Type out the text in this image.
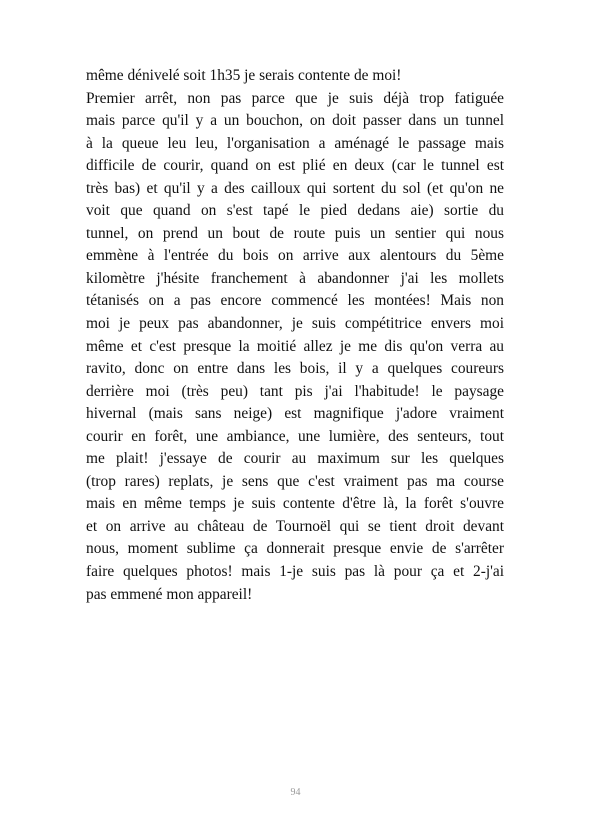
même dénivelé soit 1h35 je serais contente de moi!
Premier arrêt, non pas parce que je suis déjà trop fatiguée
mais parce qu'il y a un bouchon, on doit passer dans un tunnel
à la queue leu leu, l'organisation a aménagé le passage mais
difficile de courir, quand on est plié en deux (car le tunnel est
très bas) et qu'il y a des cailloux qui sortent du sol (et qu'on ne
voit que quand on s'est tapé le pied dedans aie) sortie du
tunnel, on prend un bout de route puis un sentier qui nous
emmène à l'entrée du bois on arrive aux alentours du 5ème
kilomètre j'hésite franchement à abandonner j'ai les mollets
tétanisés on a pas encore commencé les montées! Mais non
moi je peux pas abandonner, je suis compétitrice envers moi
même et c'est presque la moitié allez je me dis qu'on verra au
ravito, donc on entre dans les bois, il y a quelques coureurs
derrière moi (très peu) tant pis j'ai l'habitude! le paysage
hivernal (mais sans neige) est magnifique j'adore vraiment
courir en forêt, une ambiance, une lumière, des senteurs, tout
me plait! j'essaye de courir au maximum sur les quelques
(trop rares) replats, je sens que c'est vraiment pas ma course
mais en même temps je suis contente d'être là, la forêt s'ouvre
et on arrive au château de Tournoël qui se tient droit devant
nous, moment sublime ça donnerait presque envie de s'arrêter
faire quelques photos! mais 1-je suis pas là pour ça et 2-j'ai
pas emmené mon appareil!
94
